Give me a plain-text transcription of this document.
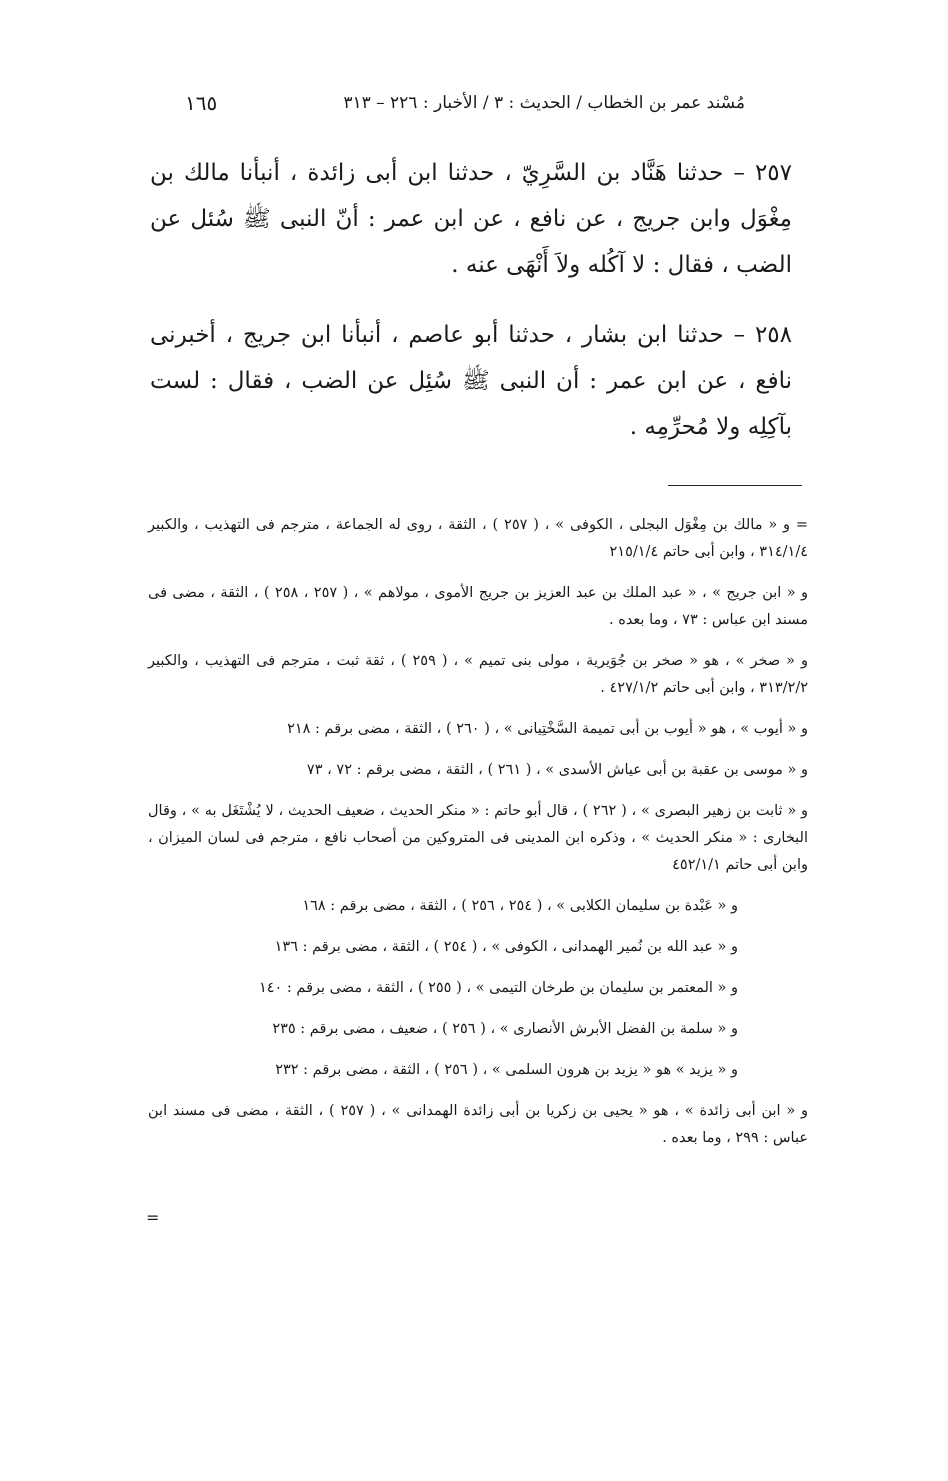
مُسْند عمر بن الخطاب / الحديث : ٣ / الأخبار : ٢٢٦ – ٣١٣
١٦٥

٢٥٧ – حدثنا هَنَّاد بن السَّرِيّ ، حدثنا ابن أبى زائدة ، أنبأنا مالك بن مِغْوَل وابن جريج ، عن نافع ، عن ابن عمر : أنّ النبى ﷺ سُئل عن الضب ، فقال : لا آكُله ولاَ أَنْهَى عنه .

٢٥٨ – حدثنا ابن بشار ، حدثنا أبو عاصم ، أنبأنا ابن جريج ، أخبرنى نافع ، عن ابن عمر : أن النبى ﷺ سُئِل عن الضب ، فقال : لست بآكِلِه ولا مُحرِّمِه .

= و « مالك بن مِغْوَل البجلى ، الكوفى » ، ( ٢٥٧ ) ، الثقة ، روى له الجماعة ، مترجم فى التهذيب ، والكبير ٣١٤/١/٤ ، وابن أبى حاتم ٢١٥/١/٤

و « ابن جريج » ، « عبد الملك بن عبد العزيز بن جريج الأموى ، مولاهم » ، ( ٢٥٧ ، ٢٥٨ ) ، الثقة ، مضى فى مسند ابن عباس : ٧٣ ، وما بعده .

و « صخر » ، هو « صخر بن جُوَيرية ، مولى بنى تميم » ، ( ٢٥٩ ) ، ثقة ثبت ، مترجم فى التهذيب ، والكبير ٣١٣/٢/٢ ، وابن أبى حاتم ٤٢٧/١/٢ .

و « أيوب » ، هو « أيوب بن أبى تميمة السَّخْتِيانى » ، ( ٢٦٠ ) ، الثقة ، مضى برقم : ٢١٨

و « موسى بن عقبة بن أبى عياش الأسدى » ، ( ٢٦١ ) ، الثقة ، مضى برقم : ٧٢ ، ٧٣

و « ثابت بن زهير البصرى » ، ( ٢٦٢ ) ، قال أبو حاتم : « منكر الحديث ، ضعيف الحديث ، لا يُشْتَغَل به » ، وقال البخارى : « منكر الحديث » ، وذكره ابن المدينى فى المتروكين من أصحاب نافع ، مترجم فى لسان الميزان ، وابن أبى حاتم ٤٥٢/١/١

و « عَبْدة بن سليمان الكلابى » ، ( ٢٥٤ ، ٢٥٦ ) ، الثقة ، مضى برقم : ١٦٨

و « عبد الله بن نُمير الهمدانى ، الكوفى » ، ( ٢٥٤ ) ، الثقة ، مضى برقم : ١٣٦

و « المعتمر بن سليمان بن طرخان التيمى » ، ( ٢٥٥ ) ، الثقة ، مضى برقم : ١٤٠

و « سلمة بن الفضل الأبرش الأنصارى » ، ( ٢٥٦ ) ، ضعيف ، مضى برقم : ٢٣٥

و « يزيد » هو « يزيد بن هرون السلمى » ، ( ٢٥٦ ) ، الثقة ، مضى برقم : ٢٣٢

و « ابن أبى زائدة » ، هو « يحيى بن زكريا بن أبى زائدة الهمدانى » ، ( ٢٥٧ ) ، الثقة ، مضى فى مسند ابن عباس : ٢٩٩ ، وما بعده .

=
